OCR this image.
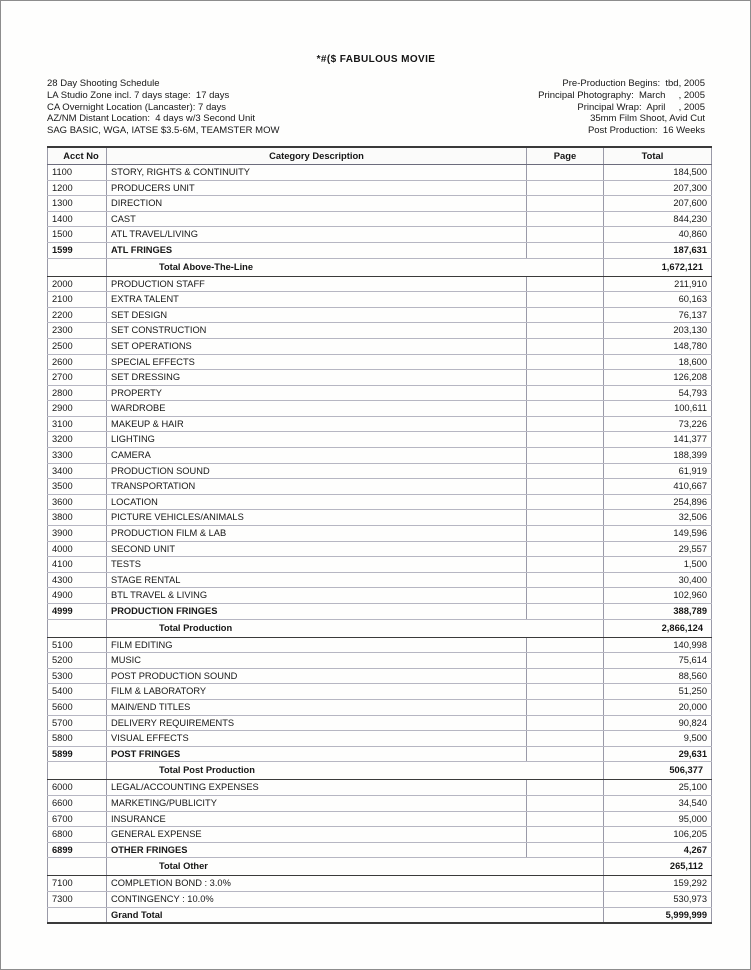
*#($ FABULOUS MOVIE
28 Day Shooting Schedule
LA Studio Zone incl. 7 days stage:  17 days
CA Overnight Location (Lancaster): 7 days
AZ/NM Distant Location:  4 days w/3 Second Unit
SAG BASIC, WGA, IATSE $3.5-6M, TEAMSTER MOW
Pre-Production Begins:  tbd, 2005
Principal Photography:  March     , 2005
Principal Wrap:  April     , 2005
35mm Film Shoot, Avid Cut
Post Production:  16 Weeks
Acct No	Category Description	Page	Total
1100	STORY, RIGHTS & CONTINUITY		184,500
1200	PRODUCERS UNIT		207,300
1300	DIRECTION		207,600
1400	CAST		844,230
1500	ATL TRAVEL/LIVING		40,860
1599	ATL FRINGES		187,631
	Total Above-The-Line		1,672,121
2000	PRODUCTION STAFF		211,910
2100	EXTRA TALENT		60,163
2200	SET DESIGN		76,137
2300	SET CONSTRUCTION		203,130
2500	SET OPERATIONS		148,780
2600	SPECIAL EFFECTS		18,600
2700	SET DRESSING		126,208
2800	PROPERTY		54,793
2900	WARDROBE		100,611
3100	MAKEUP & HAIR		73,226
3200	LIGHTING		141,377
3300	CAMERA		188,399
3400	PRODUCTION SOUND		61,919
3500	TRANSPORTATION		410,667
3600	LOCATION		254,896
3800	PICTURE VEHICLES/ANIMALS		32,506
3900	PRODUCTION FILM & LAB		149,596
4000	SECOND UNIT		29,557
4100	TESTS		1,500
4300	STAGE RENTAL		30,400
4900	BTL TRAVEL & LIVING		102,960
4999	PRODUCTION FRINGES		388,789
	Total Production		2,866,124
5100	FILM EDITING		140,998
5200	MUSIC		75,614
5300	POST PRODUCTION SOUND		88,560
5400	FILM & LABORATORY		51,250
5600	MAIN/END TITLES		20,000
5700	DELIVERY REQUIREMENTS		90,824
5800	VISUAL EFFECTS		9,500
5899	POST FRINGES		29,631
	Total Post Production		506,377
6000	LEGAL/ACCOUNTING EXPENSES		25,100
6600	MARKETING/PUBLICITY		34,540
6700	INSURANCE		95,000
6800	GENERAL EXPENSE		106,205
6899	OTHER FRINGES		4,267
	Total Other		265,112
7100	COMPLETION BOND : 3.0%		159,292
7300	CONTINGENCY : 10.0%		530,973
	Grand Total		5,999,999
